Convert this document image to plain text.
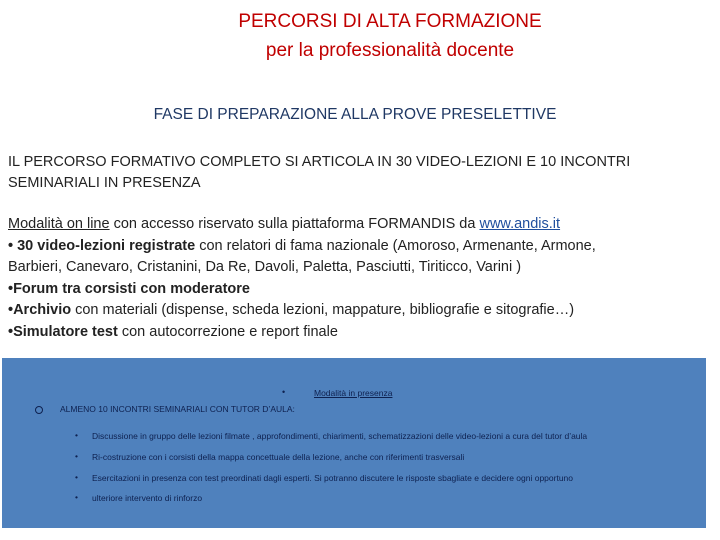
PERCORSI DI ALTA FORMAZIONE
per la professionalità docente
FASE DI PREPARAZIONE ALLA PROVE PRESELETTIVE
IL PERCORSO FORMATIVO COMPLETO SI ARTICOLA IN 30 VIDEO-LEZIONI E 10 INCONTRI SEMINARIALI IN PRESENZA
Modalità on line con accesso riservato sulla piattaforma FORMANDIS da www.andis.it
• 30 video-lezioni registrate con relatori di fama nazionale (Amoroso, Armenante, Armone,
Barbieri, Canevaro, Cristanini, Da Re, Davoli, Paletta, Pasciutti, Tiriticco, Varini )
•Forum tra corsisti con moderatore
•Archivio con materiali (dispense, scheda lezioni, mappature, bibliografie e sitografie…)
•Simulatore test con autocorrezione e report finale
•	Modalità in presenza
ALMENO 10 INCONTRI SEMINARIALI CON TUTOR D’AULA:
• Discussione in gruppo delle lezioni filmate , approfondimenti, chiarimenti, schematizzazioni delle video-lezioni a cura del tutor d’aula
• Ri-costruzione con i corsisti della mappa concettuale della lezione, anche con riferimenti trasversali
• Esercitazioni in presenza con test preordinati dagli esperti. Si potranno discutere le risposte sbagliate e decidere ogni opportuno
• ulteriore intervento di rinforzo
